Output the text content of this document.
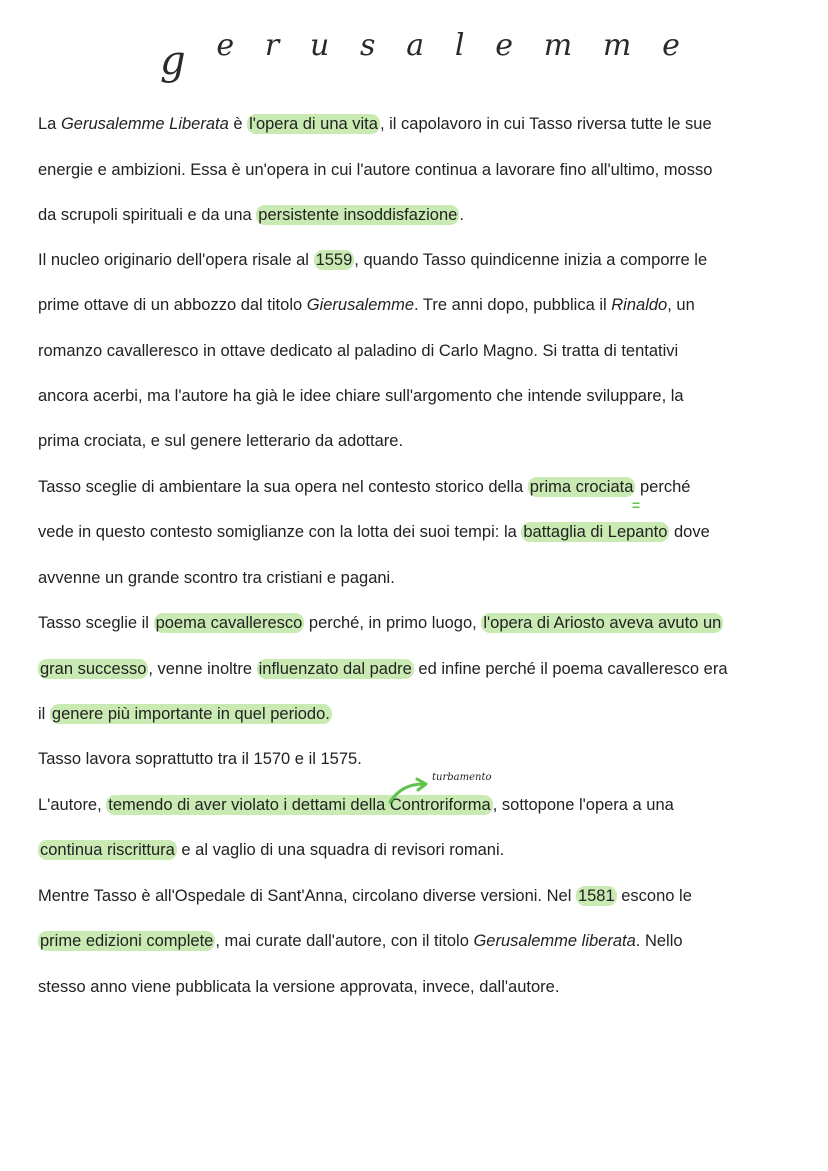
g e r u s a l e m m e
La Gerusalemme Liberata è l'opera di una vita , il capolavoro in cui Tasso riversa tutte le sue
energie e ambizioni. Essa è un'opera in cui l'autore continua a lavorare fino all'ultimo, mosso
da scrupoli spirituali e da una persistente insoddisfazione .
Il nucleo originario dell'opera risale al 1559 , quando Tasso quindicenne inizia a comporre le
prime ottave di un abbozzo dal titolo Gierusalemme. Tre anni dopo, pubblica il Rinaldo, un
romanzo cavalleresco in ottave dedicato al paladino di Carlo Magno. Si tratta di tentativi
ancora acerbi, ma l'autore ha già le idee chiare sull'argomento che intende sviluppare, la
prima crociata, e sul genere letterario da adottare.
Tasso sceglie di ambientare la sua opera nel contesto storico della prima crociata perché
vede in questo contesto somiglianze con la lotta dei suoi tempi: la battaglia di Lepanto dove
avvenne un grande scontro tra cristiani e pagani.
Tasso sceglie il poema cavalleresco perché, in primo luogo, l'opera di Ariosto aveva avuto un
gran successo , venne inoltre influenzato dal padre ed infine perché il poema cavalleresco era
il genere più importante in quel periodo.
Tasso lavora soprattutto tra il 1570 e il 1575.
L'autore, temendo di aver violato i dettami della Controriforma , sottopone l'opera a una
continua riscrittura e al vaglio di una squadra di revisori romani.
Mentre Tasso è all'Ospedale di Sant'Anna, circolano diverse versioni. Nel 1581 escono le
prime edizioni complete , mai curate dall'autore, con il titolo Gerusalemme liberata. Nello
stesso anno viene pubblicata la versione approvata, invece, dall'autore.
=
turbamento
